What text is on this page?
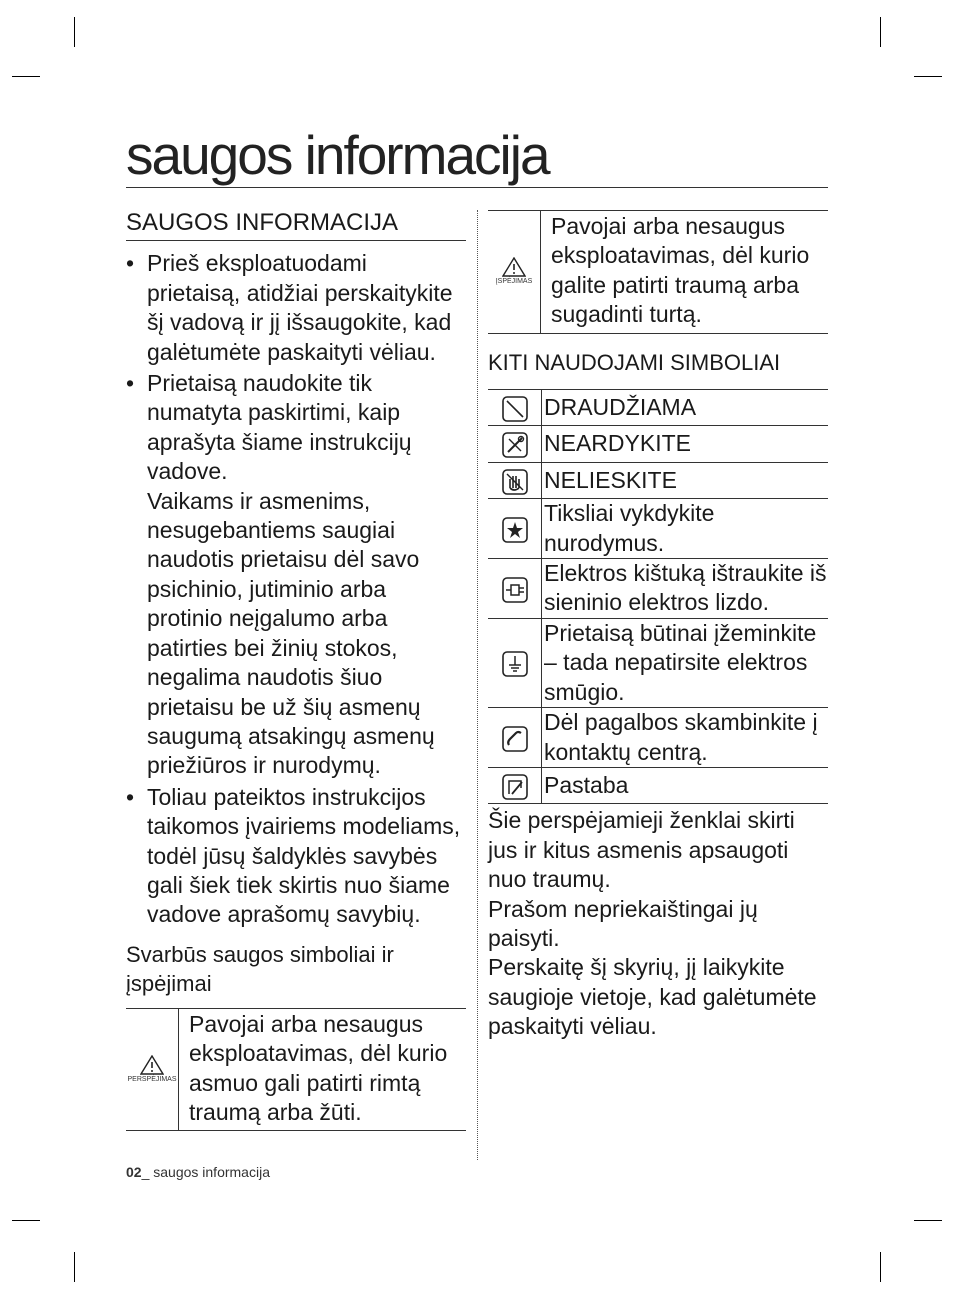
saugos informacija
SAUGOS INFORMACIJA
• Prieš eksploatuodami prietaisą, atidžiai perskaitykite šį vadovą ir jį išsaugokite, kad galėtumėte paskaityti vėliau.
• Prietaisą naudokite tik numatyta paskirtimi, kaip aprašyta šiame instrukcijų vadove.
Vaikams ir asmenims, nesugebantiems saugiai naudotis prietaisu dėl savo psichinio, jutiminio arba protinio neįgalumo arba patirties bei žinių stokos, negalima naudotis šiuo prietaisu be už šių asmenų saugumą atsakingų asmenų priežiūros ir nurodymų.
• Toliau pateiktos instrukcijos taikomos įvairiems modeliams, todėl jūsų šaldyklės savybės gali šiek tiek skirtis nuo šiame vadove aprašomų savybių.
Svarbūs saugos simboliai ir įspėjimai
PERSPĖJIMAS
Pavojai arba nesaugus eksploatavimas, dėl kurio asmuo gali patirti rimtą traumą arba žūti.
ĮSPĖJIMAS
Pavojai arba nesaugus eksploatavimas, dėl kurio galite patirti traumą arba sugadinti turtą.
KITI NAUDOJAMI SIMBOLIAI
	DRAUDŽIAMA
	NEARDYKITE
	NELIESKITE
	Tiksliai vykdykite nurodymus.
	Elektros kištuką ištraukite iš sieninio elektros lizdo.
	Prietaisą būtinai įžeminkite – tada nepatirsite elektros smūgio.
	Dėl pagalbos skambinkite į kontaktų centrą.
	Pastaba

Šie perspėjamieji ženklai skirti jus ir kitus asmenis apsaugoti nuo traumų.

Prašom nepriekaištingai jų paisyti.

Perskaitę šį skyrių, jį laikykite saugioje vietoje, kad galėtumėte paskaityti vėliau.

02_ saugos informacija
